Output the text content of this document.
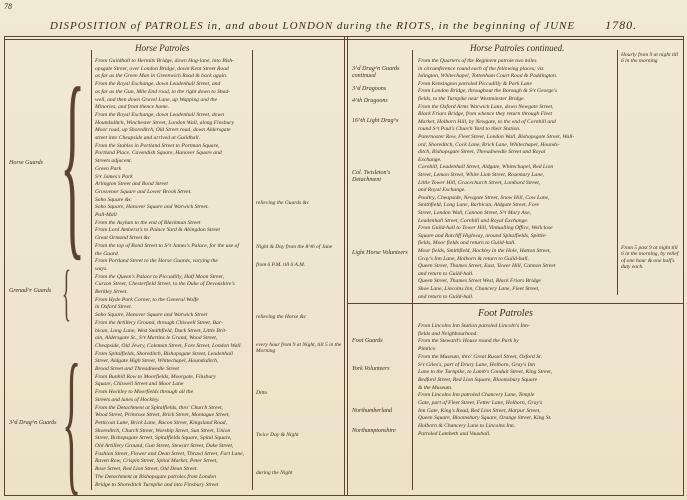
78
DISPOSITION of PATROLES in, and about LONDON during the RIOTS, in the beginning of JUNE	1780.
Horse Patroles	Horse Patroles continued.
Foot Patroles
Horse Guards
Grenad^r Guards
3^d Drag^n Guards
{
{
{
From Guildhall to Hermits Bridge, down Hog-lane, into Bish-
opsgate Street, over London Bridge, down Kent Street Road
as far as the Green Man in Greenwich Road & back again.
From the Royal Exchange, down Leadenhall Street, and
as far as the Gun, Mile End road, to the right down to Shad-
well, and then down Gravel Lane, up Wapping and the
Minories, and from thence home.
From the Royal Exchange, down Leadenhall Street, down
Houndsditch, Winchester Street, London Wall, along Finsbury
Moor road, up Shoreditch, Old Street road, down Aldersgate
street into Cheapside and arrived at Guildhall.
From the Stables in Portland Street to Portman Square,
Portland Place, Cavendish Square, Hanover Square and
Streets adjacent.
Green Park
S^t James's Park
Arlington Street and Bond Street
Grosvenor Square and Lower Brook Street.
Soho Square &c
Soho Square, Hanover Square and Warwick Street.
Pall-Mall
From the Asylum to the end of Blackman Street
From Lord Amherst's to Palace Yard & Abingdon Street
Great Ormond Street &c
From the top of Bond Street to S^t James's Palace, for the use of
the Guard.
From Portland Street to the Horse Guards, varying the
ways.
From the Queen's Palace to Piccadilly, Half Moon Street,
Curzon Street, Chesterfield Street, to the Duke of Devonshire's
Berkley Street.
From Hyde Park Corner, to the General Wolfe
in Oxford Street.
Soho Square, Hanover Square and Warwick Street
From the Artillery Ground, through Chiswell Street, Bar-
bican, Long Lane, West Smithfield, Duck Street, Little Brit-
ain, Aldersgate St., S^t Martins le Grand, Wood Street,
Cheapside, Old Jewry, Coleman Street, Fore Street, London Wall.
From Spitalfields, Shoreditch, Bishopsgate Street, Leadenhall
Street, Aldgate High Street, Whitechapel, Houndsditch,
Broad Street and Threadneedle Street
From Bunhill Row to Moorfields, Moorgate, Finsbury
Square, Chiswell Street and Moor Lane
From Hockley to Moorfields through all the
Streets and lanes of Hockley.
From the Detachment at Spitalfields, thro' Church Street,
Wood Street, Primrose Street, Brick Street, Montague Street,
Petticoat Lane, Brick Lane, Bacon Street, Kingsland Road,
Shoreditch, Church Street, Worship Street, Sun Street, Union
Street, Bishopsgate Street, Spitalfields Square, Spital Square,
Old Artillery Ground, Gun Street, Stewart Street, Duke Street,
Fashion Street, Flower and Dean Street, Thrawl Street, Fort Lane,
Raven Row, Crispin Street, Spital Market, Peter Street,
Rose Street, Red Lion Street, Old Dean Street.
The Detachment at Bishopsgate patroles from London
Bridge to Shoreditch Turnpike and into Finsbury Street
relieving the Guards &c
Night & Day from the 8^th of June
from 6 P.M. till 6 A.M.
relieving the Horse &c
every hour from 9 at Night, till 5 in the Morning
Ditto
Twice Day & Night
during the Night
3^d Drag^n Guards continued
3^d Dragoons
4^th Dragoons
16^th Light Drag^s
Col. Twisleton's Detachment
Light Horse Volunteers
From the Quarters of the Regiment patrole two miles
in circumference round each of the following places; viz
Islington, Whitechapel, Tottenham Court Road & Paddington.
From Kensington patroled Piccadilly & Park Lane
From London Bridge, throughout the Borough & S^t George's
fields, to the Turnpike near Westminster Bridge.
From the Oxford Arms Warwick Lane, down Newgate Street,
Black Friars Bridge, from whence they return through Fleet
Market, Holborn Hill, by Newgate, to the end of Cornhill and
round S^t Paul's Church Yard to their Station.
Paternoster Row, Fleet Street, London Wall, Bishopsgate Street, Wall-
ord, Shoreditch, Cock Lane, Brick Lane, Whitechapel, Hounds-
ditch, Bishopsgate Street, Threadneedle Street and Royal
Exchange.
Cornhill, Leadenhall Street, Aldgate, Whitechapel, Red Lion
Street, Lemon Street, White Lion Street, Rosemary Lane,
Little Tower Hill, Gracechurch Street, Lombard Street,
and Royal Exchange.
Poultry, Cheapside, Newgate Street, Snow Hill, Cow Lane,
Smithfield, Long Lane, Barbican, Aldgate Street, Fore
Street, London Wall, Cannon Street, S^t Mary Axe,
Leadenhall Street, Cornhill and Royal Exchange.
From Guild-hall to Tower Hill, Vintualling Office, Wellclose
Square and Ratcliff Highway, around Spitalfields, Spittle-
fields, Moor fields and return to Guild-hall.
Moor fields, Smithfield, Hockley in the Hole, Hatton Street,
Gray's Inn Lane, Holborn & return to Guild-hall.
Queen Street, Thames Street, East, Tower Hill, Cannon Street
and return to Guild-hall.
Queen Street, Thames Street West, Black Friars Bridge
Shoe Lane, Lincolns Inn, Chancery Lane, Fleet Street,
and return to Guild-hall.
Hourly from 9 at night till 6 in the morning
From 5 past 9 at night till 6 in the morning, by relief of one hour & one half's duty each.
Foot Guards
York Volunteers
Northumberland
Northamptonshire
From Lincolns Inn Station patroled Lincoln's Inn-
fields and Neighbourhood.
From the Steward's House round the Park by
Pimlico
From the Museum, thro' Great Russel Street, Oxford St.
S^t Giles's, part of Drury Lane, Holborn, Gray's Inn
Lane to the Turnpike, to Lamb's Conduit Street, King Street,
Bedford Street, Red Lion Square, Bloomsbury Square
& the Museum.
From Lincolns Inn patroled Chancery Lane, Temple
Gate, part of Fleet Street, Fetter Lane, Holborn, Gray's
Inn Gate, King's Road, Red Lion Street, Harpur Street,
Queen Square, Bloomsbury Square, Orange Street, King St.
Holborn & Chancery Lane to Lincolns Inn.
Patroled Lambeth and Vauxhall.
